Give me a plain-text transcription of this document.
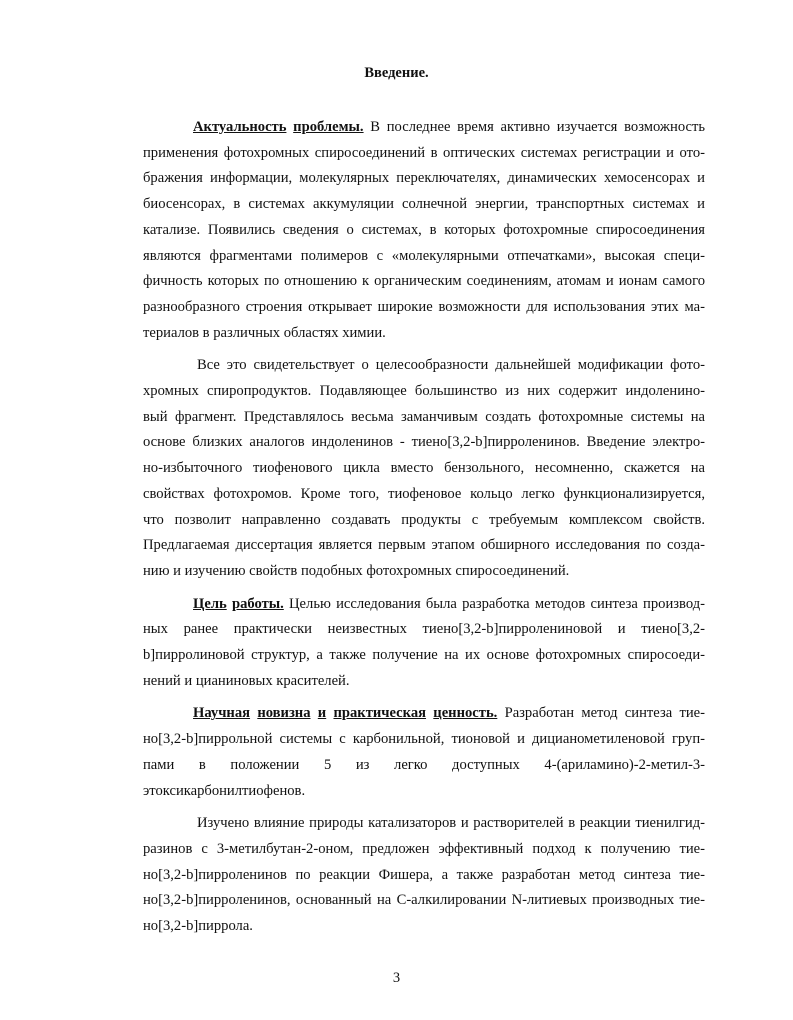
Введение.
Актуальность проблемы. В последнее время активно изучается возможность
применения фотохромных спиросоединений в оптических системах регистрации и ото-
бражения информации, молекулярных переключателях, динамических хемосенсорах и
биосенсорах, в системах аккумуляции солнечной энергии, транспортных системах и
катализе. Появились сведения о системах, в которых фотохромные спиросоединения
являются фрагментами полимеров с «молекулярными отпечатками», высокая специ-
фичность которых по отношению к органическим соединениям, атомам и ионам самого
разнообразного строения открывает широкие возможности для использования этих ма-
териалов в различных областях химии.
Все это свидетельствует о целесообразности дальнейшей модификации фото-
хромных спиропродуктов. Подавляющее большинство из них содержит индоленино-
вый фрагмент. Представлялось весьма заманчивым создать фотохромные системы на
основе близких аналогов индоленинов - тиено[3,2-b]пирроленинов. Введение электро-
но-избыточного тиофенового цикла вместо бензольного, несомненно, скажется на
свойствах фотохромов. Кроме того, тиофеновое кольцо легко функционализируется,
что позволит направленно создавать продукты с требуемым комплексом свойств.
Предлагаемая диссертация является первым этапом обширного исследования по созда-
нию и изучению свойств подобных фотохромных спиросоединений.
Цель работы. Целью исследования была разработка методов синтеза производ-
ных ранее практически неизвестных тиено[3,2-b]пирролениновой и тиено[3,2-
b]пирролиновой структур, а также получение на их основе фотохромных спиросоеди-
нений и цианиновых красителей.
Научная новизна и практическая ценность. Разработан метод синтеза тие-
но[3,2-b]пиррольной системы с карбонильной, тионовой и дицианометиленовой груп-
пами в положении 5 из легко доступных 4-(ариламино)-2-метил-3-
этоксикарбонилтиофенов.
Изучено влияние природы катализаторов и растворителей в реакции тиенилгид-
разинов с 3-метилбутан-2-оном, предложен эффективный подход к получению тие-
но[3,2-b]пирроленинов по реакции Фишера, а также разработан метод синтеза тие-
но[3,2-b]пирроленинов, основанный на C-алкилировании N-литиевых производных тие-
но[3,2-b]пиррола.
3
